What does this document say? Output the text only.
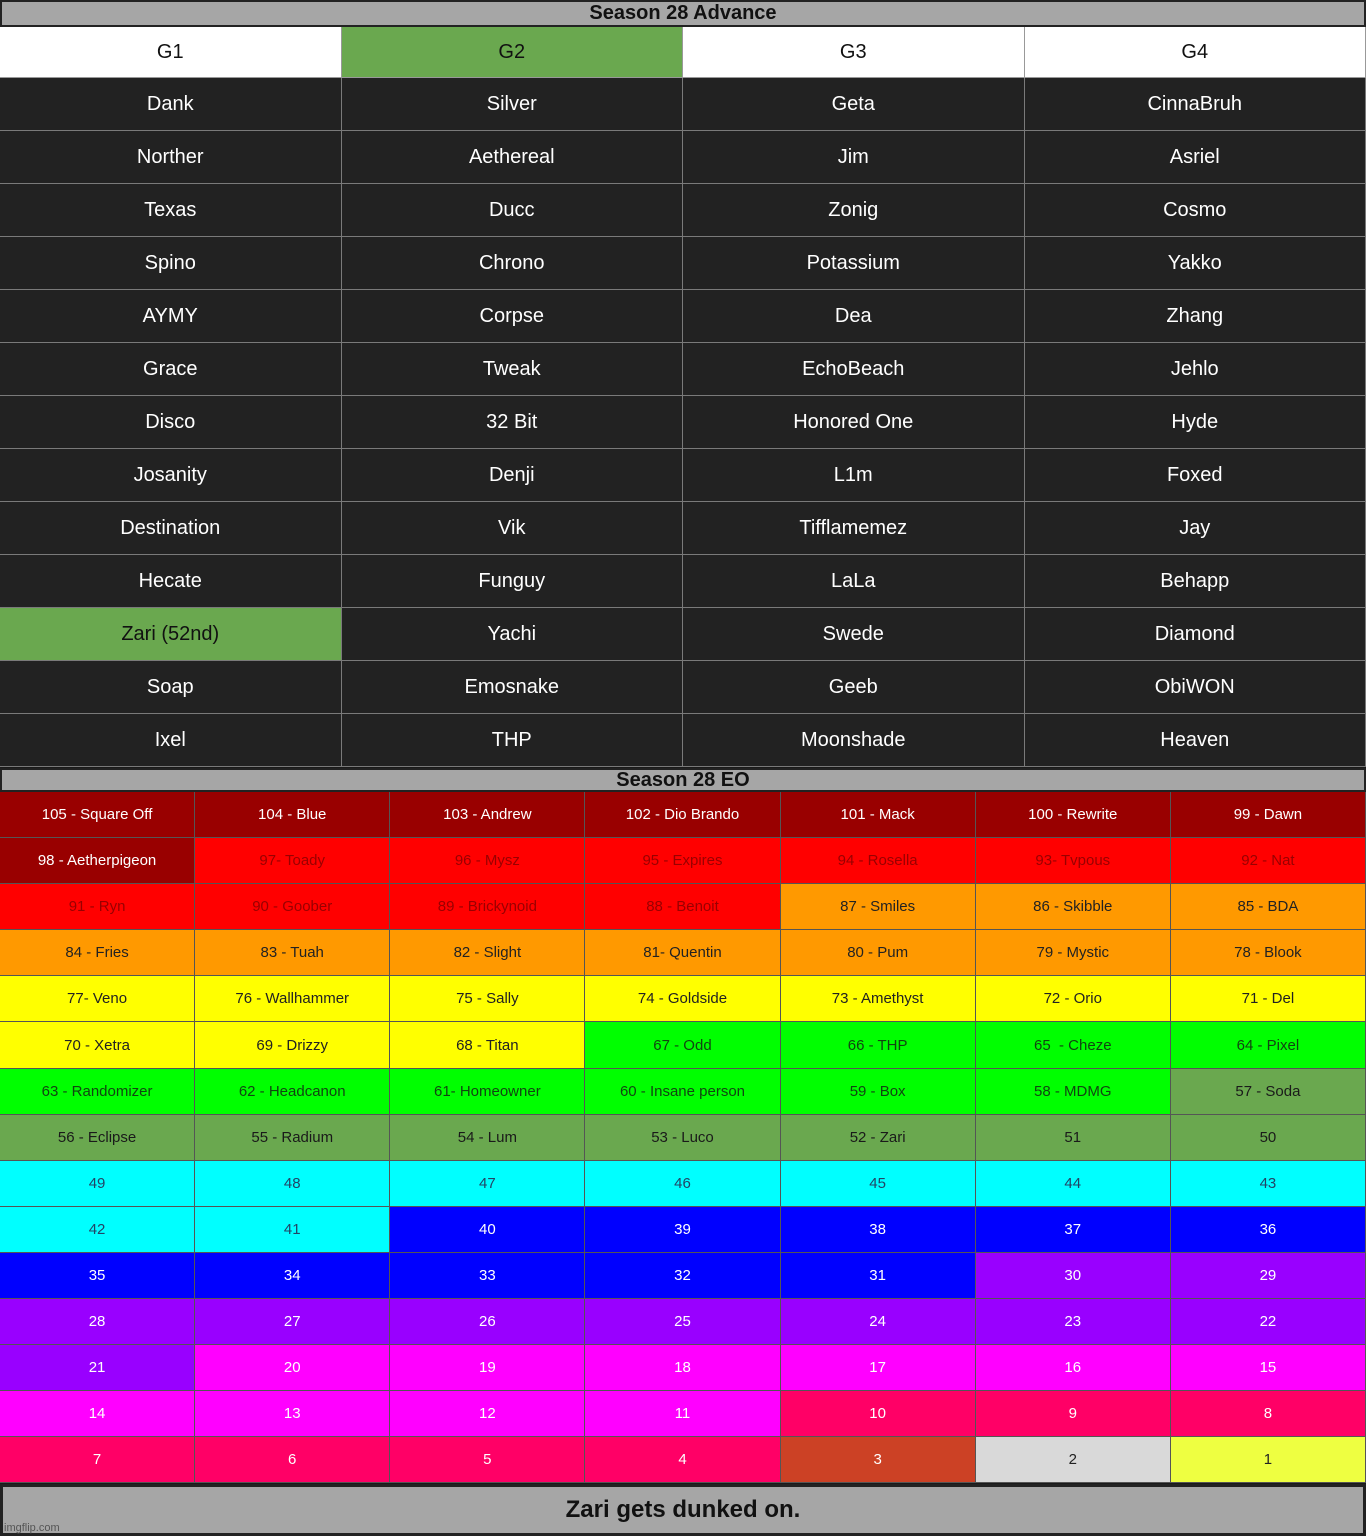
Season 28 Advance
G1	G2	G3	G4
Dank	Silver	Geta	CinnaBruh
Norther	Aethereal	Jim	Asriel
Texas	Ducc	Zonig	Cosmo
Spino	Chrono	Potassium	Yakko
AYMY	Corpse	Dea	Zhang
Grace	Tweak	EchoBeach	Jehlo
Disco	32 Bit	Honored One	Hyde
Josanity	Denji	L1m	Foxed
Destination	Vik	Tifflamemez	Jay
Hecate	Funguy	LaLa	Behapp
Zari (52nd)	Yachi	Swede	Diamond
Soap	Emosnake	Geeb	ObiWON
Ixel	THP	Moonshade	Heaven
Season 28 EO
105 - Square Off	104 - Blue	103 - Andrew	102 - Dio Brando	101 - Mack	100 - Rewrite	99 - Dawn
98 - Aetherpigeon	97- Toady	96 - Mysz	95 - Expires	94 - Rosella	93- Tvpous	92 - Nat
91 - Ryn	90 - Goober	89 - Brickynoid	88 - Benoit	87 - Smiles	86 - Skibble	85 - BDA
84 - Fries	83 - Tuah	82 - Slight	81- Quentin	80 - Pum	79 - Mystic	78 - Blook
77- Veno	76 - Wallhammer	75 - Sally	74 - Goldside	73 - Amethyst	72 - Orio	71 - Del
70 - Xetra	69 - Drizzy	68 - Titan	67 - Odd	66 - THP	65  - Cheze	64 - Pixel
63 - Randomizer	62 - Headcanon	61- Homeowner	60 - Insane person	59 - Box	58 - MDMG	57 - Soda
56 - Eclipse	55 - Radium	54 - Lum	53 - Luco	52 - Zari	51	50
49	48	47	46	45	44	43
42	41	40	39	38	37	36
35	34	33	32	31	30	29
28	27	26	25	24	23	22
21	20	19	18	17	16	15
14	13	12	11	10	9	8
7	6	5	4	3	2	1
Zari gets dunked on.
imgflip.com
